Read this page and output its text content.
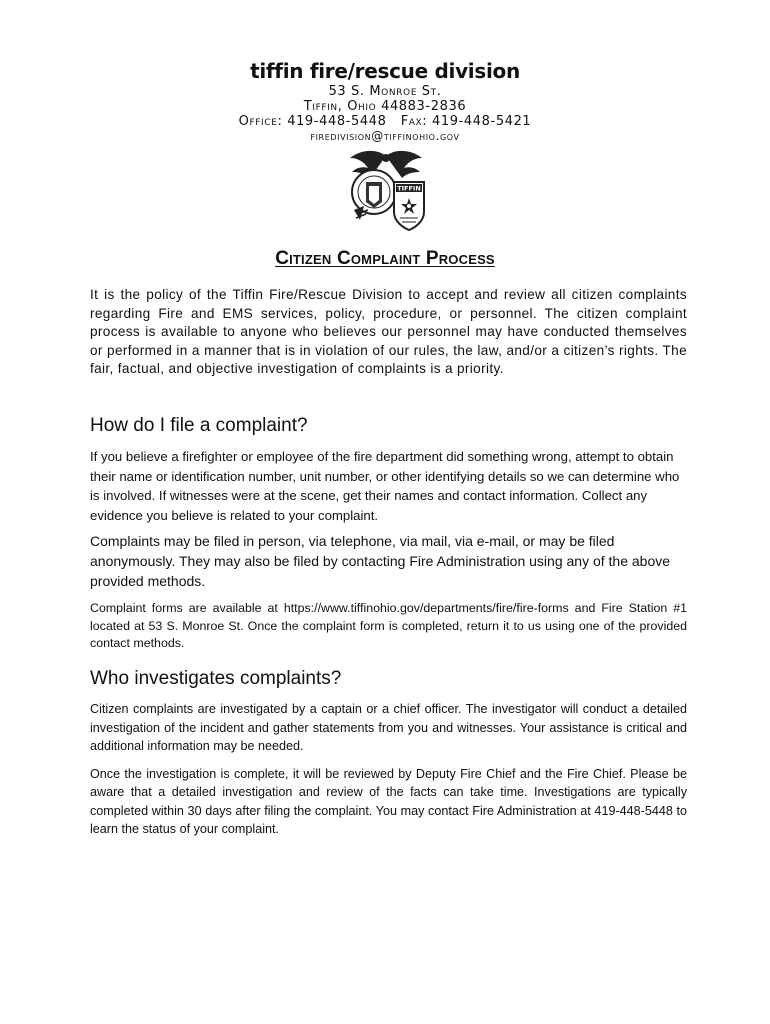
tiffin fire/rescue division
53 S. Monroe St.
Tiffin, Ohio 44883-2836
Office: 419-448-5448 Fax: 419-448-5421
firedivision@tiffinohio.gov
TIFFIN
Citizen Complaint Process

It is the policy of the Tiffin Fire/Rescue Division to accept and review all citizen complaints regarding Fire and EMS services, policy, procedure, or personnel. The citizen complaint process is available to anyone who believes our personnel may have conducted themselves or performed in a manner that is in violation of our rules, the law, and/or a citizen’s rights. The fair, factual, and objective investigation of complaints is a priority.

How do I file a complaint?

If you believe a firefighter or employee of the fire department did something wrong, attempt to obtain their name or identification number, unit number, or other identifying details so we can determine who is involved. If witnesses were at the scene, get their names and contact information. Collect any evidence you believe is related to your complaint.

Complaints may be filed in person, via telephone, via mail, via e-mail, or may be filed anonymously. They may also be filed by contacting Fire Administration using any of the above provided methods.

Complaint forms are available at https://www.tiffinohio.gov/departments/fire/fire-forms and Fire Station #1 located at 53 S. Monroe St. Once the complaint form is completed, return it to us using one of the provided contact methods.

Who investigates complaints?

Citizen complaints are investigated by a captain or a chief officer. The investigator will conduct a detailed investigation of the incident and gather statements from you and witnesses. Your assistance is critical and additional information may be needed.

Once the investigation is complete, it will be reviewed by Deputy Fire Chief and the Fire Chief. Please be aware that a detailed investigation and review of the facts can take time. Investigations are typically completed within 30 days after filing the complaint. You may contact Fire Administration at 419-448-5448 to learn the status of your complaint.
